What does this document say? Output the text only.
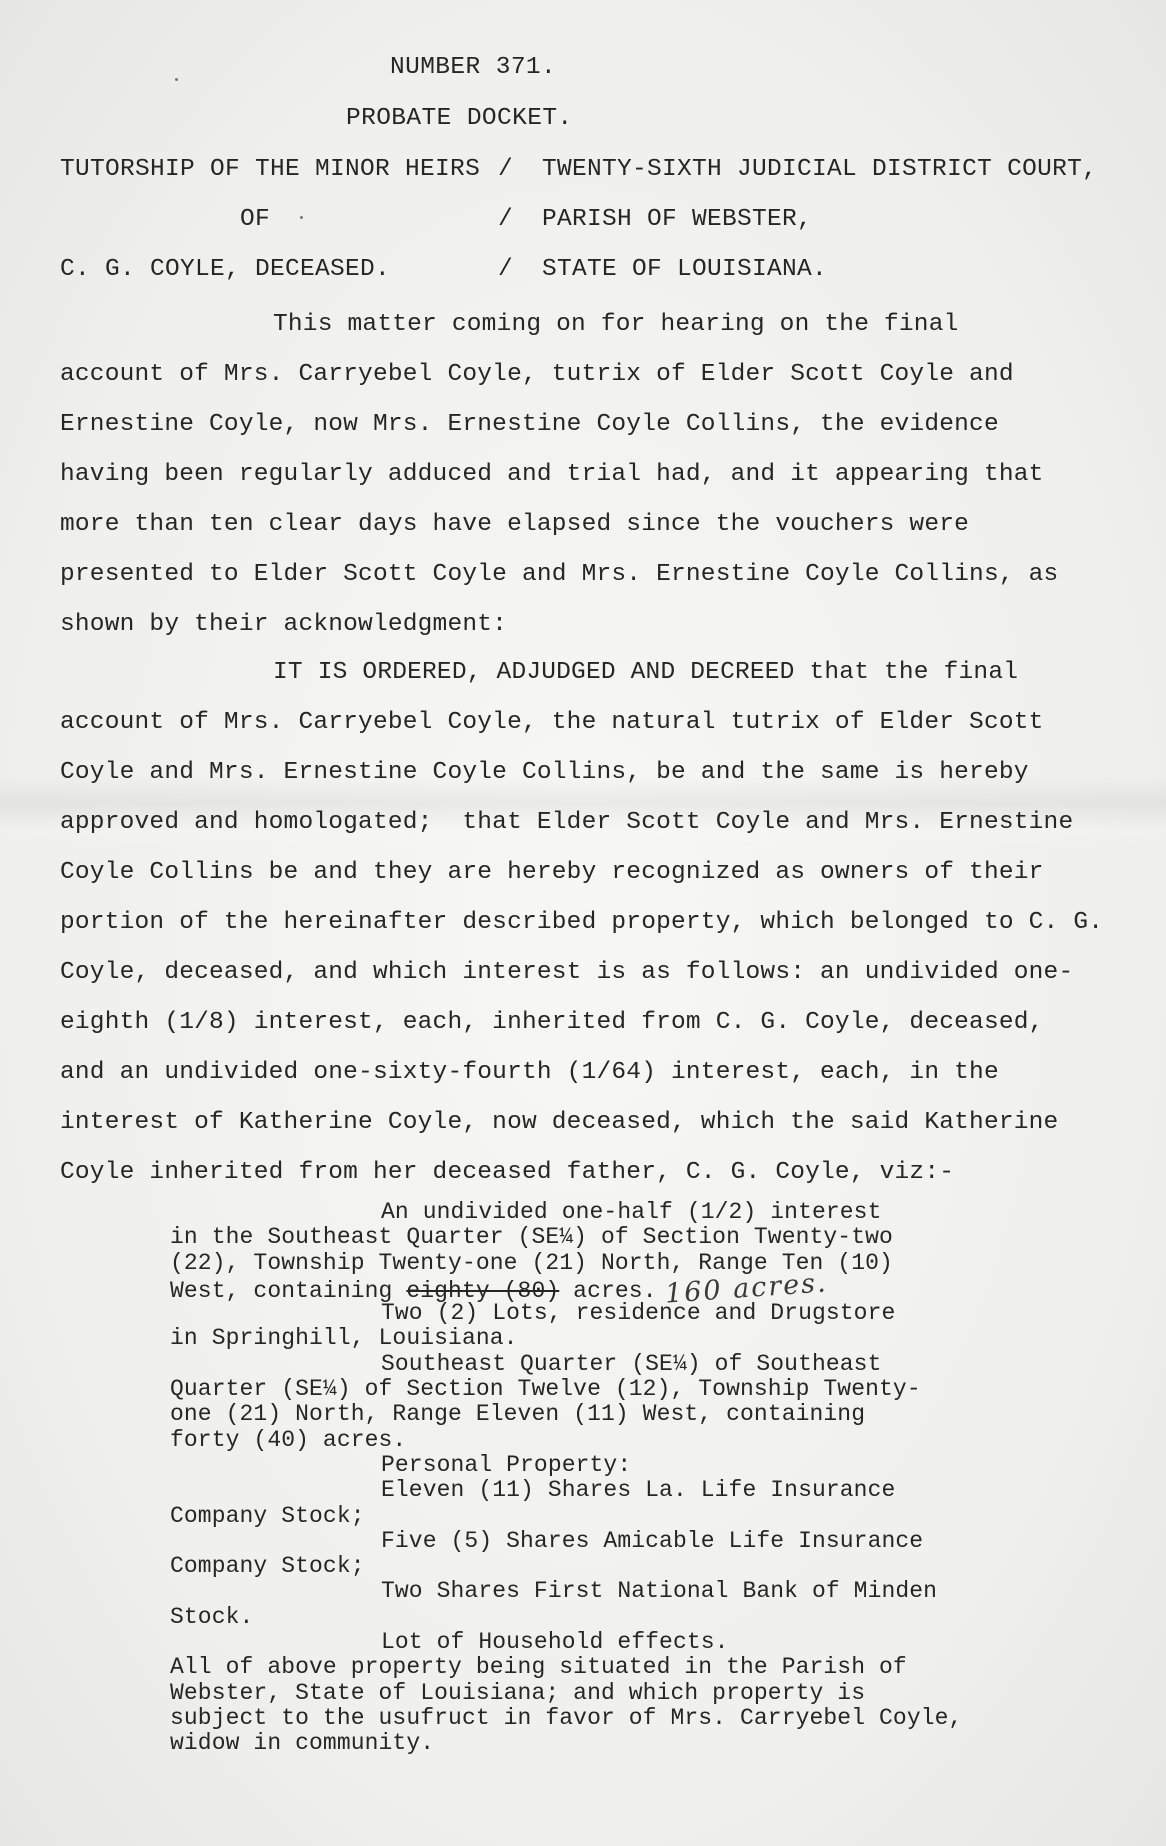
NUMBER 371.
PROBATE DOCKET.
TUTORSHIP OF THE MINOR HEIRS / TWENTY-SIXTH JUDICIAL DISTRICT COURT,
OF	/ PARISH OF WEBSTER,
C. G. COYLE, DECEASED.	/ STATE OF LOUISIANA.
This matter coming on for hearing on the final
account of Mrs. Carryebel Coyle, tutrix of Elder Scott Coyle and
Ernestine Coyle, now Mrs. Ernestine Coyle Collins, the evidence
having been regularly adduced and trial had, and it appearing that
more than ten clear days have elapsed since the vouchers were
presented to Elder Scott Coyle and Mrs. Ernestine Coyle Collins, as
shown by their acknowledgment:
IT IS ORDERED, ADJUDGED AND DECREED that the final
account of Mrs. Carryebel Coyle, the natural tutrix of Elder Scott
Coyle and Mrs. Ernestine Coyle Collins, be and the same is hereby
approved and homologated;  that Elder Scott Coyle and Mrs. Ernestine
Coyle Collins be and they are hereby recognized as owners of their
portion of the hereinafter described property, which belonged to C. G.
Coyle, deceased, and which interest is as follows: an undivided one-
eighth (1/8) interest, each, inherited from C. G. Coyle, deceased,
and an undivided one-sixty-fourth (1/64) interest, each, in the
interest of Katherine Coyle, now deceased, which the said Katherine
Coyle inherited from her deceased father, C. G. Coyle, viz:-
An undivided one-half (1/2) interest
in the Southeast Quarter (SE¼) of Section Twenty-two
(22), Township Twenty-one (21) North, Range Ten (10)
West, containing eighty (80) acres. 160 acres.
Two (2) Lots, residence and Drugstore
in Springhill, Louisiana.
Southeast Quarter (SE¼) of Southeast
Quarter (SE¼) of Section Twelve (12), Township Twenty-
one (21) North, Range Eleven (11) West, containing
forty (40) acres.
Personal Property:
Eleven (11) Shares La. Life Insurance
Company Stock;
Five (5) Shares Amicable Life Insurance
Company Stock;
Two Shares First National Bank of Minden
Stock.
Lot of Household effects.
All of above property being situated in the Parish of
Webster, State of Louisiana; and which property is
subject to the usufruct in favor of Mrs. Carryebel Coyle,
widow in community.
